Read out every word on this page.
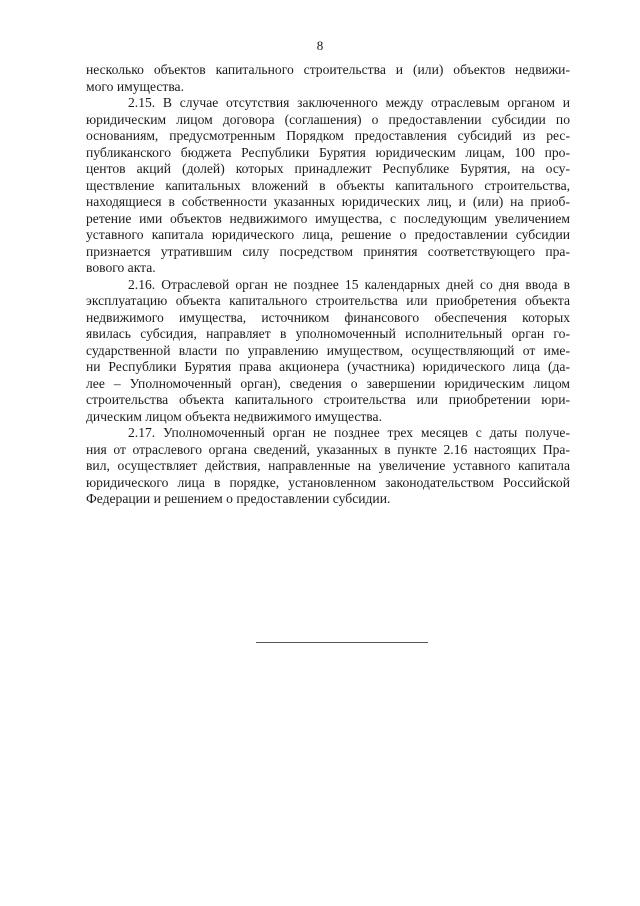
8
несколько объектов капитального строительства и (или) объектов недвижи-
мого имущества.
2.15. В случае отсутствия заключенного между отраслевым органом и
юридическим лицом договора (соглашения) о предоставлении субсидии по
основаниям, предусмотренным Порядком предоставления субсидий из рес-
публиканского бюджета Республики Бурятия юридическим лицам, 100 про-
центов акций (долей) которых принадлежит Республике Бурятия, на осу-
ществление капитальных вложений в объекты капитального строительства,
находящиеся в собственности указанных юридических лиц, и (или) на приоб-
ретение ими объектов недвижимого имущества, с последующим увеличением
уставного капитала юридического лица, решение о предоставлении субсидии
признается утратившим силу посредством принятия соответствующего пра-
вового акта.
2.16. Отраслевой орган не позднее 15 календарных дней со дня ввода в
эксплуатацию объекта капитального строительства или приобретения объекта
недвижимого имущества, источником финансового обеспечения которых
явилась субсидия, направляет в уполномоченный исполнительный орган го-
сударственной власти по управлению имуществом, осуществляющий от име-
ни Республики Бурятия права акционера (участника) юридического лица (да-
лее – Уполномоченный орган), сведения о завершении юридическим лицом
строительства объекта капитального строительства или приобретении юри-
дическим лицом объекта недвижимого имущества.
2.17. Уполномоченный орган не позднее трех месяцев с даты получе-
ния от отраслевого органа сведений, указанных в пункте 2.16 настоящих Пра-
вил, осуществляет действия, направленные на увеличение уставного капитала
юридического лица в порядке, установленном законодательством Российской
Федерации и решением о предоставлении субсидии.
